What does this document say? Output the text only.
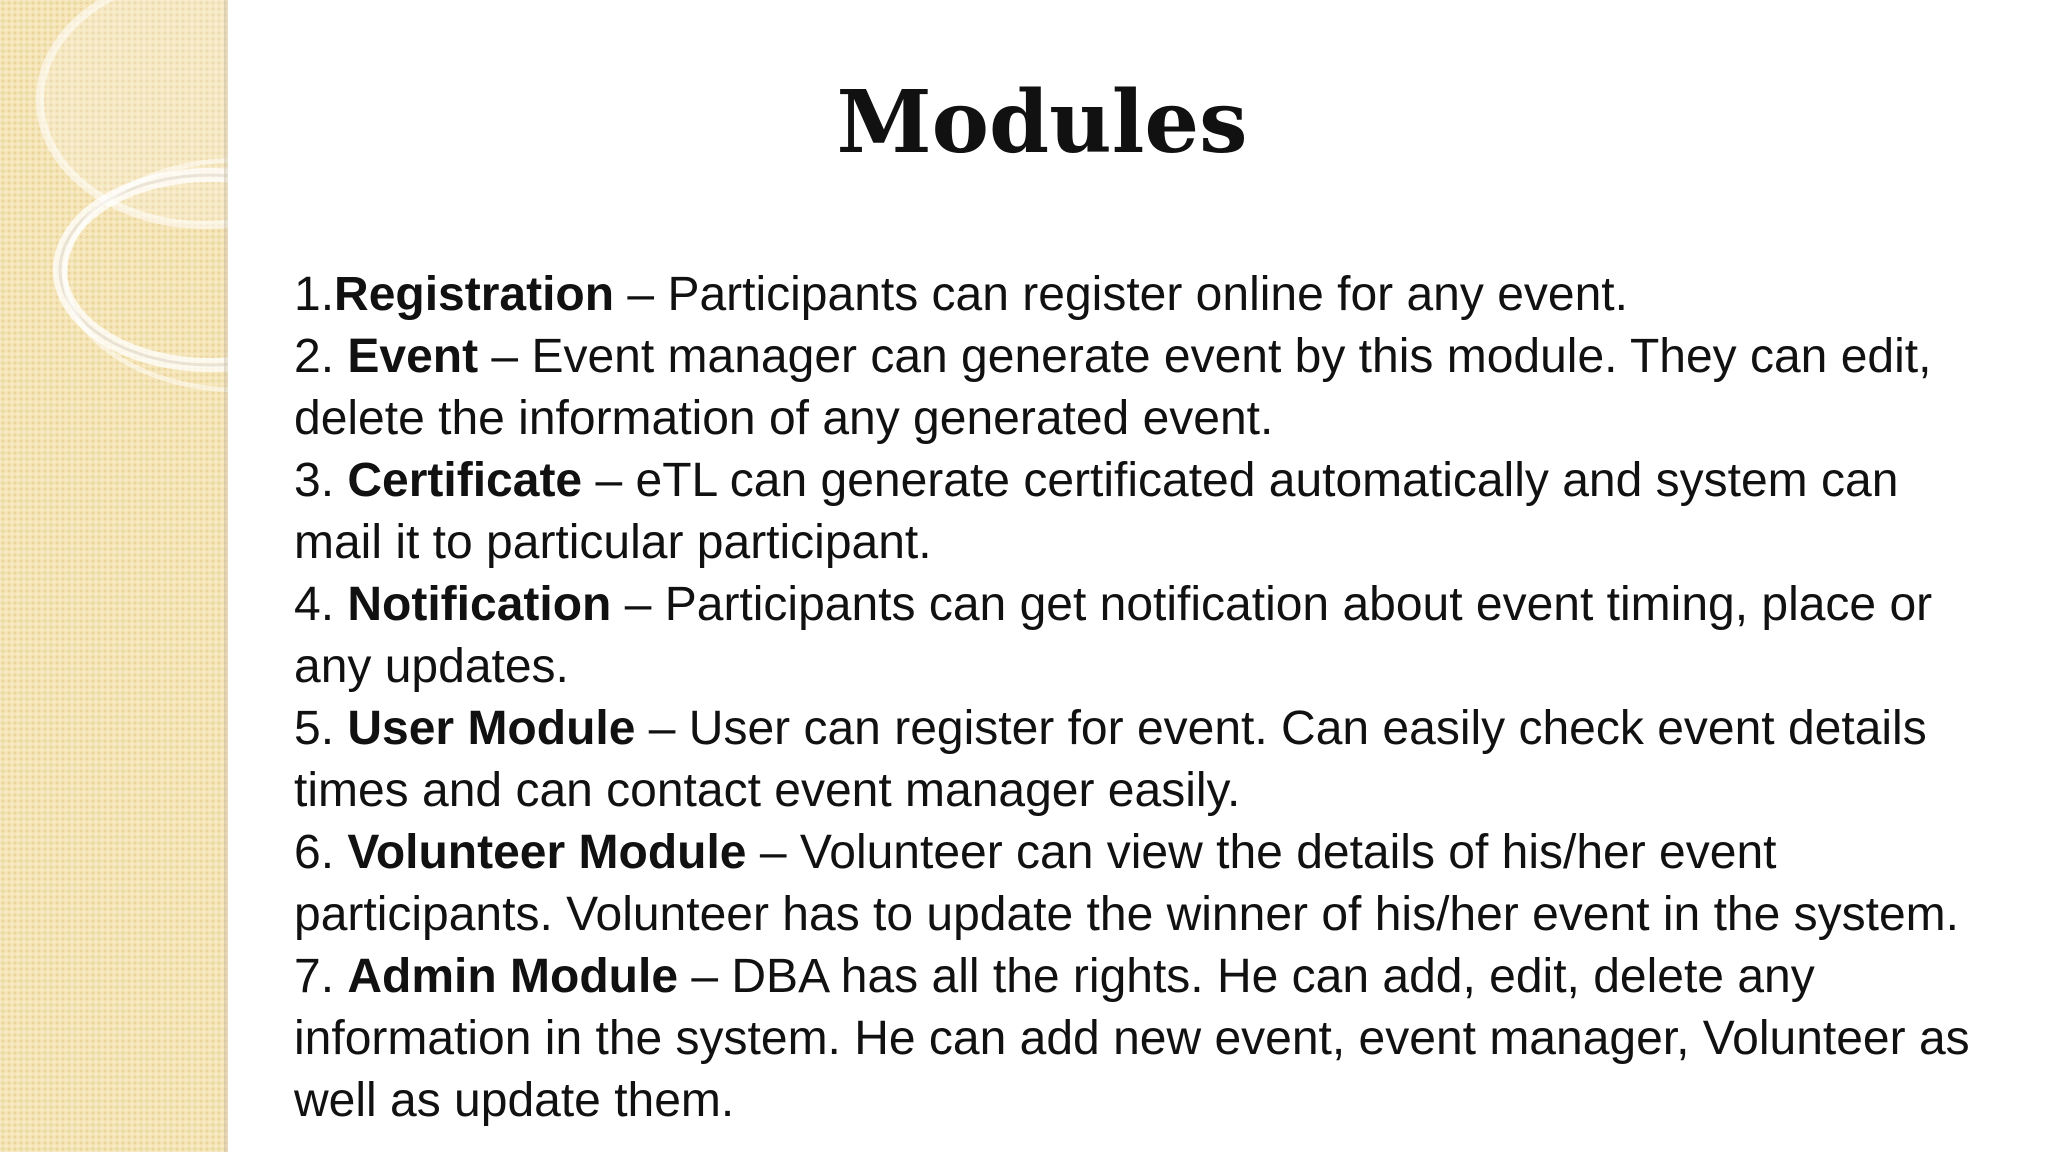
Modules

1.Registration – Participants can register online for any event.

2. Event – Event manager can generate event by this module. They can edit, delete the information of any generated event.

3. Certificate – eTL can generate certificated automatically and system can mail it to particular participant.

4. Notification – Participants can get notification about event timing, place or any updates.

5. User Module – User can register for event. Can easily check event details times and can contact event manager easily.

6. Volunteer Module – Volunteer can view the details of his/her event participants. Volunteer has to update the winner of his/her event in the system.

7. Admin Module – DBA has all the rights. He can add, edit, delete any information in the system. He can add new event, event manager, Volunteer as well as update them.
